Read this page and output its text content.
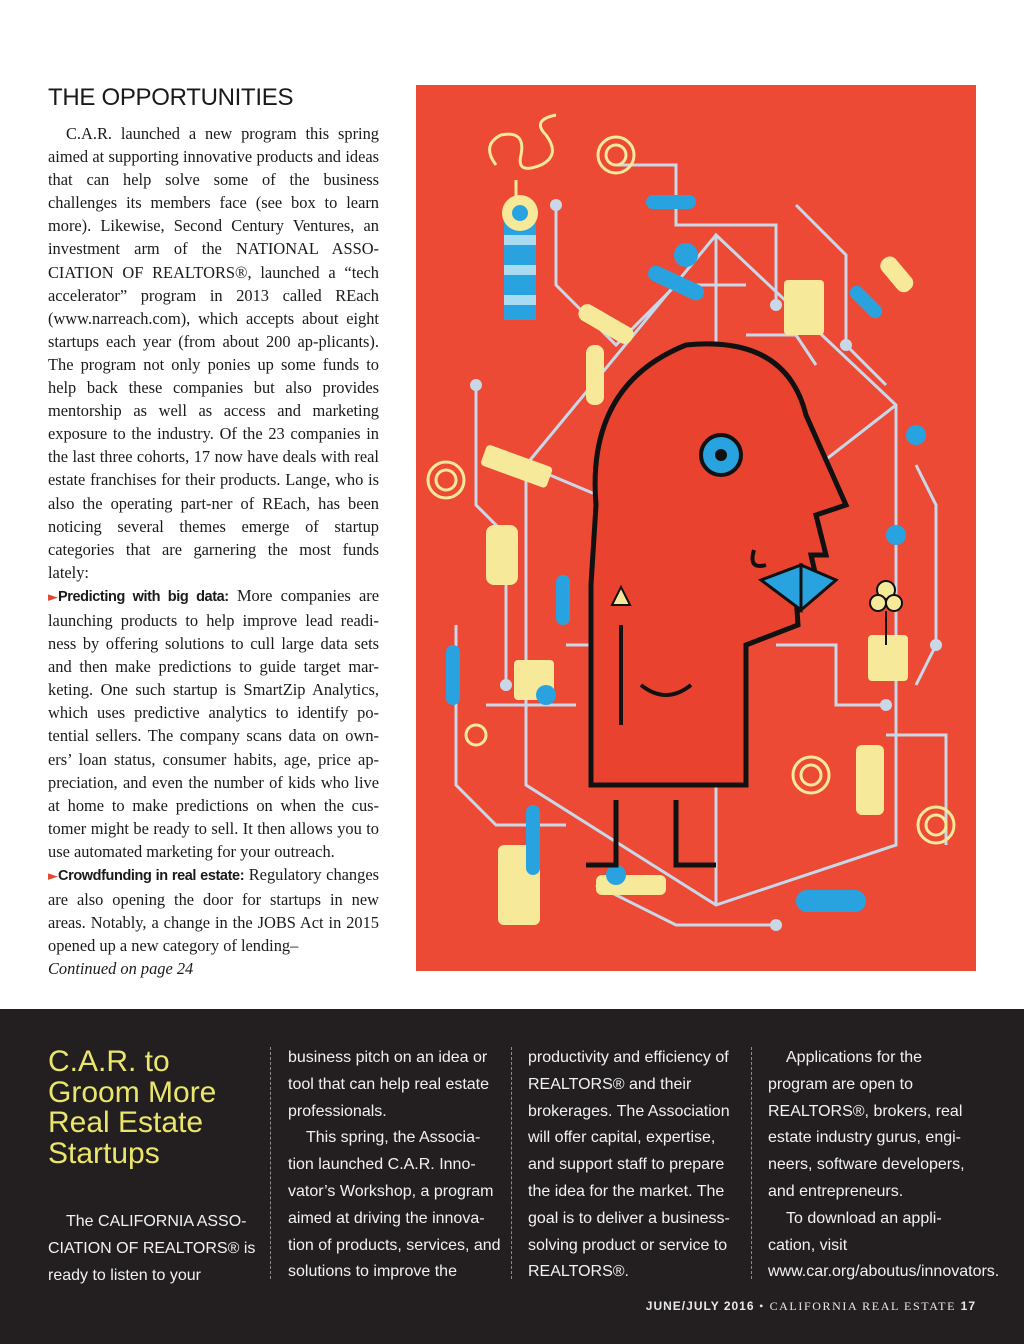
THE OPPORTUNITIES

C.A.R. launched a new program this spring aimed at supporting innovative products and ideas that can help solve some of the business challenges its members face (see box to learn more). Likewise, Second Century Ventures, an investment arm of the NATIONAL ASSO-CIATION OF REALTORS®, launched a “tech accelerator” program in 2013 called REach (www.narreach.com), which accepts about eight startups each year (from about 200 ap-plicants). The program not only ponies up some funds to help back these companies but also provides mentorship as well as access and marketing exposure to the industry. Of the 23 companies in the last three cohorts, 17 now have deals with real estate franchises for their products. Lange, who is also the operating part-ner of REach, has been noticing several themes emerge of startup categories that are garnering the most funds lately:

►Predicting with big data: More companies are launching products to help improve lead readi-ness by offering solutions to cull large data sets and then make predictions to guide target mar-keting. One such startup is SmartZip Analytics, which uses predictive analytics to identify po-tential sellers. The company scans data on own-ers’ loan status, consumer habits, age, price ap-preciation, and even the number of kids who live at home to make predictions on when the cus-tomer might be ready to sell. It then allows you to use automated marketing for your outreach.
►Crowdfunding in real estate: Regulatory changes are also opening the door for startups in new areas. Notably, a change in the JOBS Act in 2015 opened up a new category of lending–
Continued on page 24
C.A.R. to Groom More Real Estate Startups

The CALIFORNIA ASSO-CIATION OF REALTORS® is ready to listen to your

business pitch on an idea or tool that can help real estate professionals.

This spring, the Associa-tion launched C.A.R. Inno-vator’s Workshop, a program aimed at driving the innova-tion of products, services, and solutions to improve the

productivity and efficiency of REALTORS® and their brokerages. The Association will offer capital, expertise, and support staff to prepare the idea for the market. The goal is to deliver a business-solving product or service to REALTORS®.

Applications for the program are open to REALTORS®, brokers, real estate industry gurus, engi-neers, software developers, and entrepreneurs.

To download an appli-cation, visit www.car.org/aboutus/innovators.

JUNE/JULY 2016 • CALIFORNIA REAL ESTATE 17
